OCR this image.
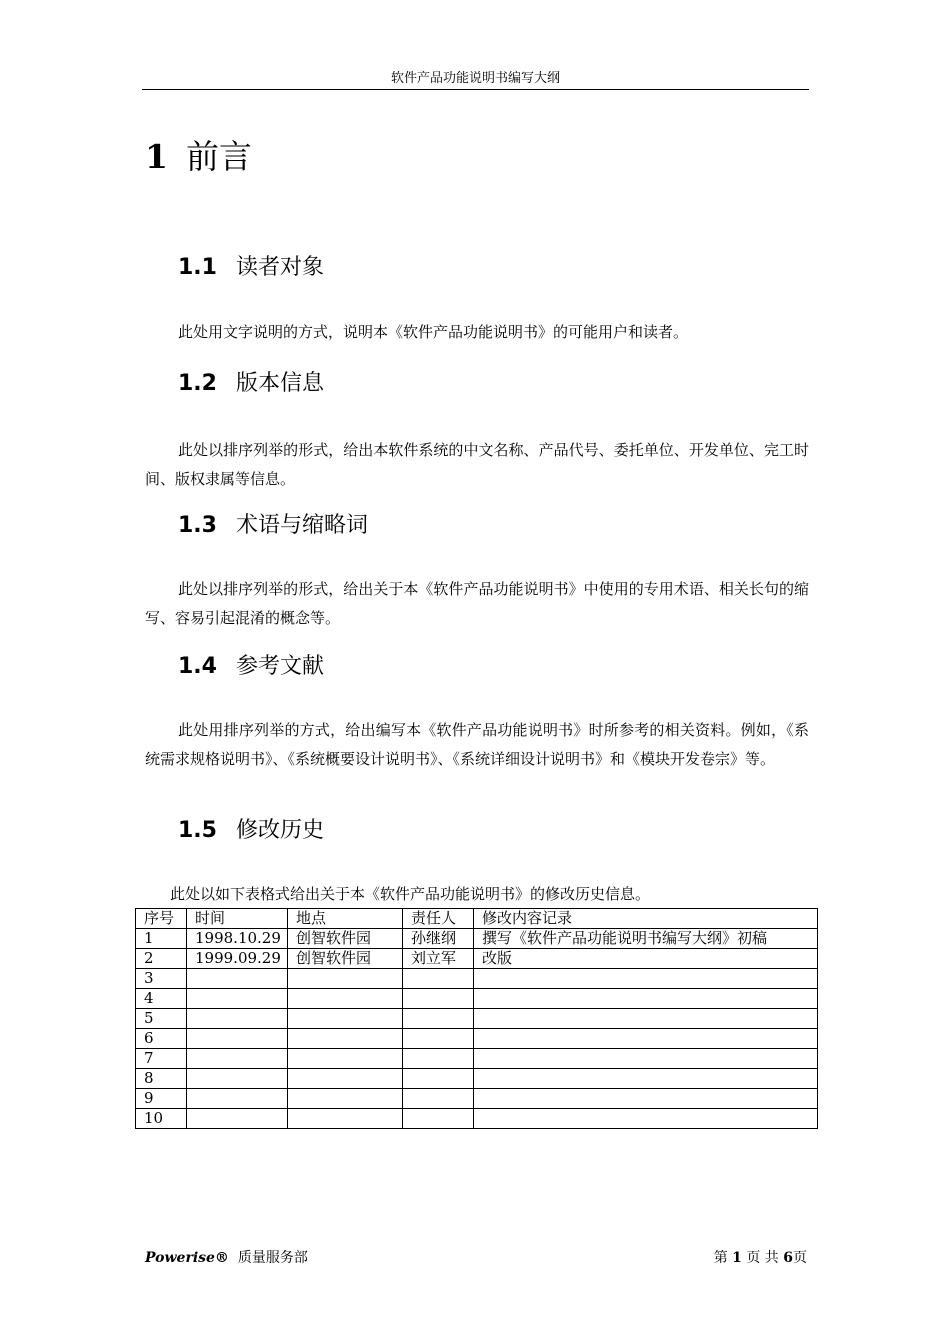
软件产品功能说明书编写大纲
1 前言
1.1 读者对象
此处用文字说明的方式，说明本《软件产品功能说明书》的可能用户和读者。
1.2 版本信息
此处以排序列举的形式，给出本软件系统的中文名称、产品代号、委托单位、开发单位、完工时间、版权隶属等信息。
1.3 术语与缩略词
此处以排序列举的形式，给出关于本《软件产品功能说明书》中使用的专用术语、相关长句的缩写、容易引起混淆的概念等。
1.4 参考文献
此处用排序列举的方式，给出编写本《软件产品功能说明书》时所参考的相关资料。例如，《系统需求规格说明书》、《系统概要设计说明书》、《系统详细设计说明书》和《模块开发卷宗》等。
1.5 修改历史
此处以如下表格式给出关于本《软件产品功能说明书》的修改历史信息。
序号	时间	地点	责任人	修改内容记录
1	1998.10.29	创智软件园	孙继纲	撰写《软件产品功能说明书编写大纲》初稿
2	1999.09.29	创智软件园	刘立军	改版
3				
4				
5				
6				
7				
8				
9				
10				
Powerise® 质量服务部	第 1 页 共 6页
